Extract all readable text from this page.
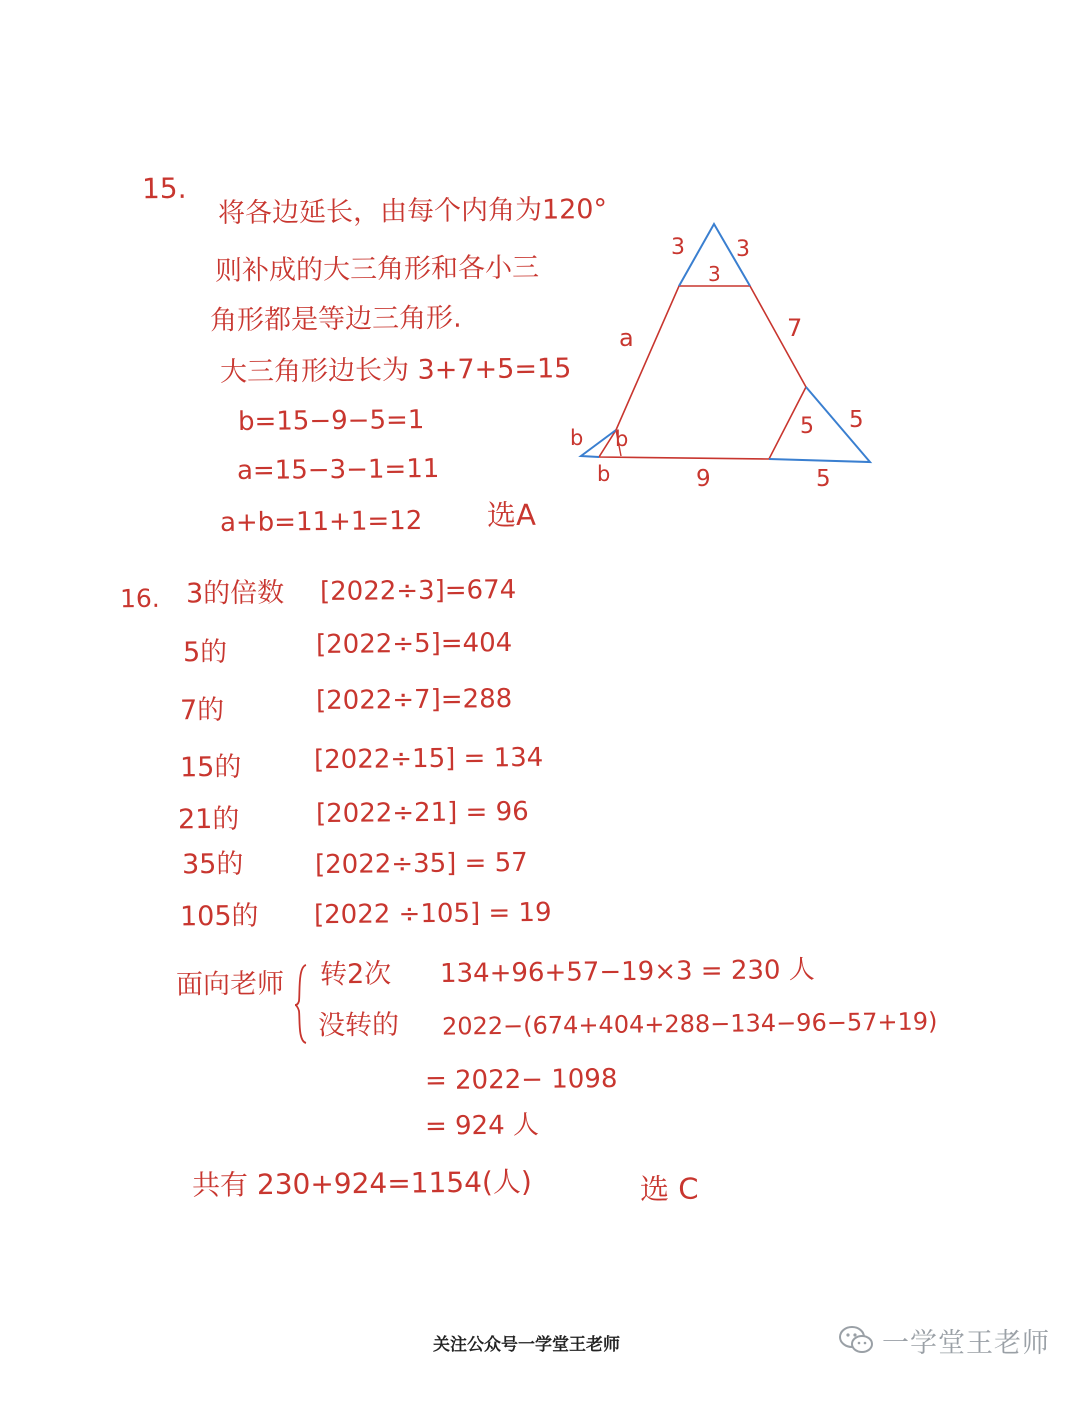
15.
将各边延长，由每个内角为120°
则补成的大三角形和各小三
角形都是等边三角形.
大三角形边长为 3+7+5=15
b=15−9−5=1
a=15−3−1=11
a+b=11+1=12 选A
3 3
3
a	7
5 5
5
b b
b	9
16. 3的倍数 [2022÷3]=674
5的	[2022÷5]=404
7的	[2022÷7]=288
15的	[2022÷15] = 134
21的	[2022÷21] = 96
35的	[2022÷35] = 57
105的 [2022 ÷105] = 19
面向老师 转2次 134+96+57−19×3 = 230 人
没转的 2022−(674+404+288−134−96−57+19)
= 2022− 1098
= 924 人
共有 230+924=1154(人)	选 C
关注公众号一学堂王老师	一学堂王老师
